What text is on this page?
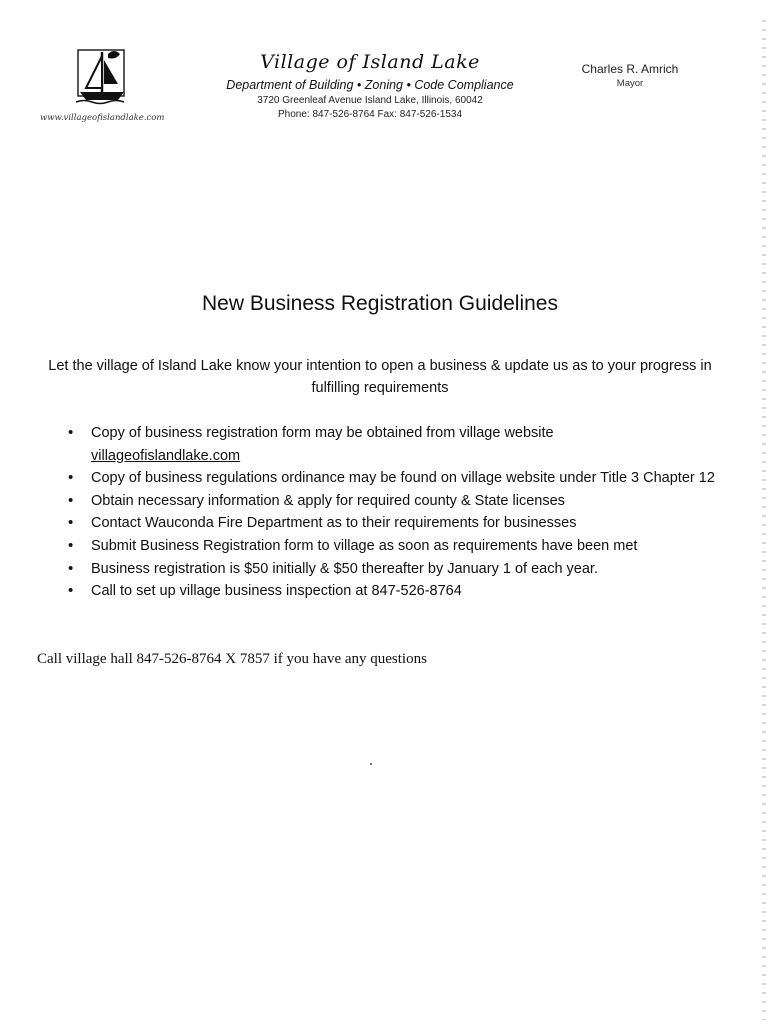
www.villageofislandlake.com
Village of Island Lake
Department of Building • Zoning • Code Compliance
3720 Greenleaf Avenue Island Lake, Illinois, 60042
Phone: 847-526-8764 Fax: 847-526-1534
Charles R. Amrich
Mayor
New Business Registration Guidelines
Let the village of Island Lake know your intention to open a business & update us as to your progress in fulfilling requirements
• Copy of business registration form may be obtained from village website
villageofislandlake.com
• Copy of business regulations ordinance may be found on village website under Title 3 Chapter 12
• Obtain necessary information & apply for required county & State licenses
• Contact Wauconda Fire Department as to their requirements for businesses
• Submit Business Registration form to village as soon as requirements have been met
• Business registration is $50 initially & $50 thereafter by January 1 of each year.
• Call to set up village business inspection at 847-526-8764
Call village hall 847-526-8764 X 7857 if you have any questions
